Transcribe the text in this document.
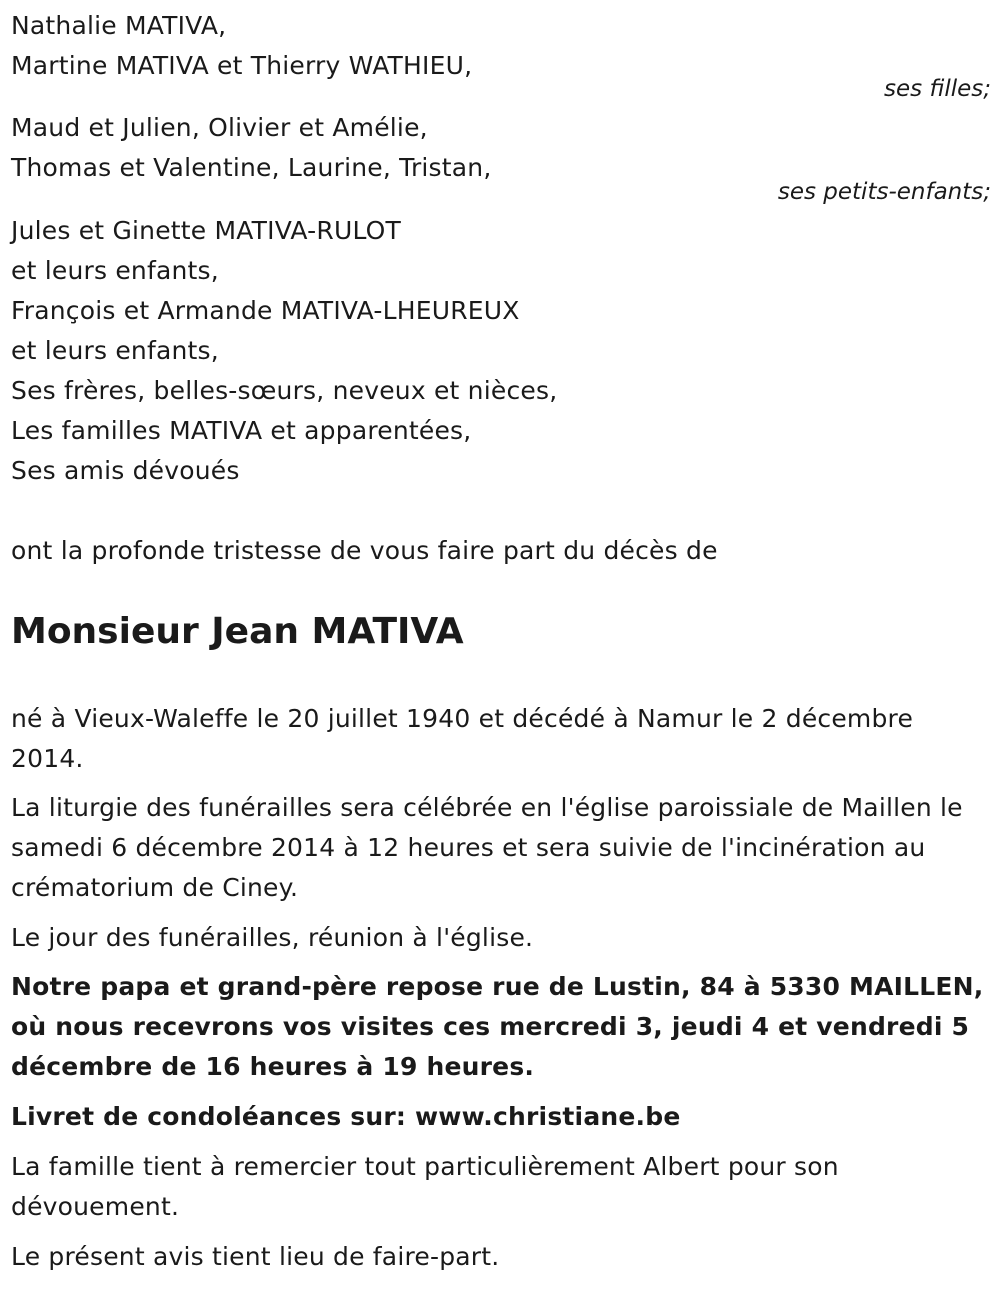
Nathalie MATIVA,
Martine MATIVA et Thierry WATHIEU,
ses filles;
Maud et Julien, Olivier et Amélie,
Thomas et Valentine, Laurine, Tristan,
ses petits-enfants;
Jules et Ginette MATIVA-RULOT
et leurs enfants,
François et Armande MATIVA-LHEUREUX
et leurs enfants,
Ses frères, belles-sœurs, neveux et nièces,
Les familles MATIVA et apparentées,
Ses amis dévoués
ont la profonde tristesse de vous faire part du décès de
Monsieur Jean MATIVA
né à Vieux-Waleffe le 20 juillet 1940 et décédé à Namur le 2 décembre 2014.
La liturgie des funérailles sera célébrée en l'église paroissiale de Maillen le samedi 6 décembre 2014 à 12 heures et sera suivie de l'incinération au crématorium de Ciney.
Le jour des funérailles, réunion à l'église.
Notre papa et grand-père repose rue de Lustin, 84 à 5330 MAILLEN, où nous recevrons vos visites ces mercredi 3, jeudi 4 et vendredi 5 décembre de 16 heures à 19 heures.
Livret de condoléances sur: www.christiane.be
La famille tient à remercier tout particulièrement Albert pour son dévouement.
Le présent avis tient lieu de faire-part.
